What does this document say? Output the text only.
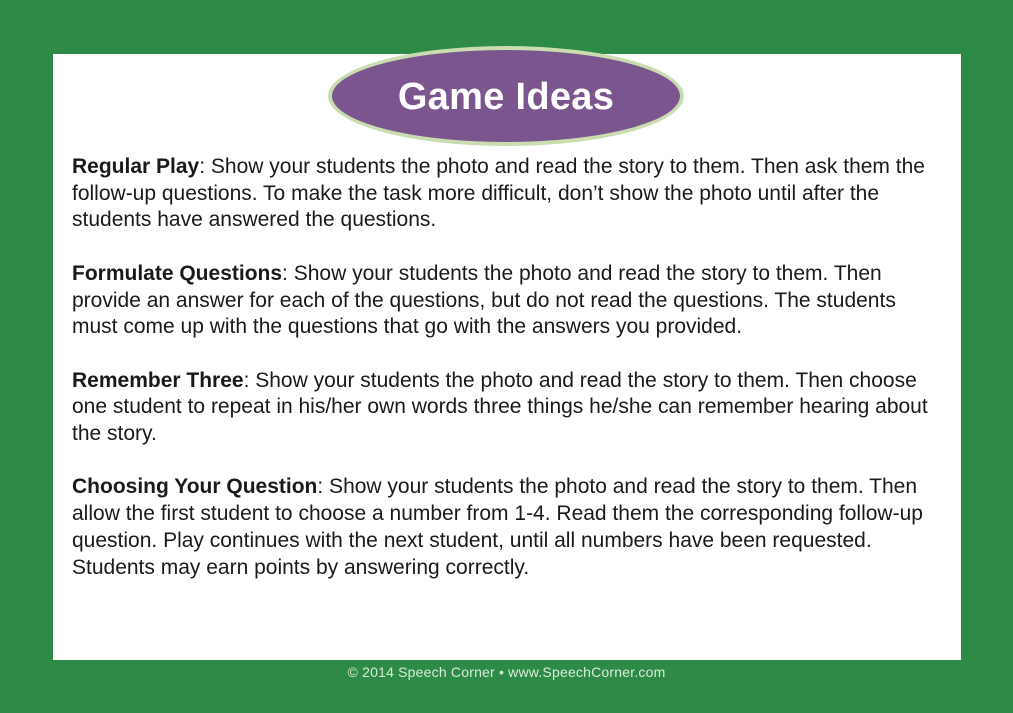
Game Ideas

Regular Play: Show your students the photo and read the story to them. Then ask them the follow-up questions. To make the task more difficult, don’t show the photo until after the students have answered the questions.

Formulate Questions: Show your students the photo and read the story to them. Then provide an answer for each of the questions, but do not read the questions. The students must come up with the questions that go with the answers you provided.

Remember Three: Show your students the photo and read the story to them. Then choose one student to repeat in his/her own words three things he/she can remember hearing about the story.

Choosing Your Question: Show your students the photo and read the story to them. Then allow the first student to choose a number from 1-4. Read them the corresponding follow-up question. Play continues with the next student, until all numbers have been requested. Students may earn points by answering correctly.

© 2014 Speech Corner • www.SpeechCorner.com
